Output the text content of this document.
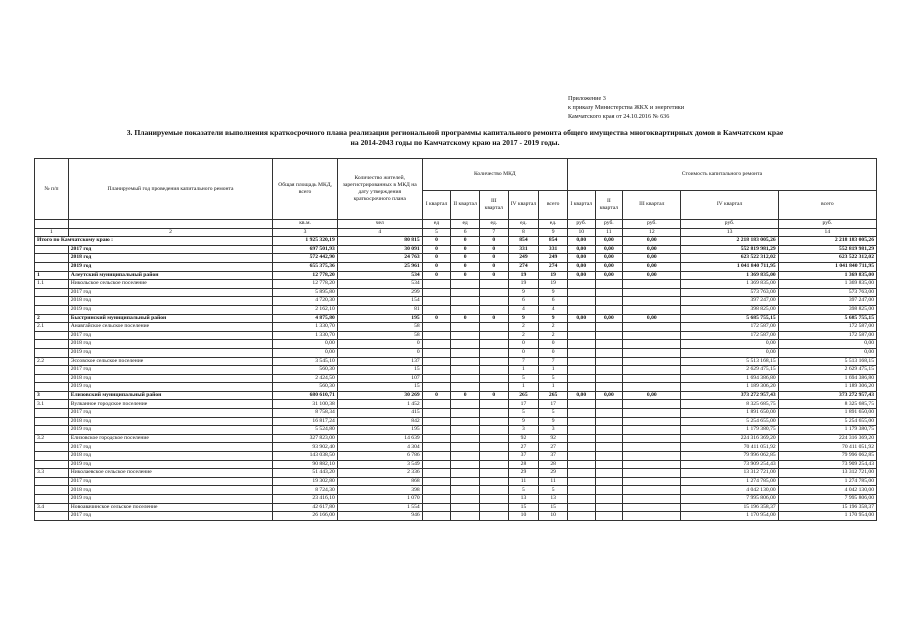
Приложение 3
к приказу Министерства ЖКХ и энергетики
Камчатского края от 24.10.2016 № 636
3. Планируемые показатели выполнения краткосрочного плана реализации региональной программы капитального ремонта общего имущества многоквартирных домов в Камчатском крае
на 2014-2043 годы по Камчатскому краю на 2017 - 2019 годы.
№ п/п	Планируемый год проведения капитального ремонта	Общая площадь МКД, всего	Количество жителей, зарегистрированных в МКД на дату утверждения краткосрочного плана	Количество МКД					Стоимость капитального ремонта				
				I квартал	II квартал	III квартал	IV квартал	всего	I квартал	II квартал	III квартал	IV квартал	всего
		кв.м.	чел	ед	ед	ед.	ед.	ед.	руб.	руб.	руб.	руб.	руб.
1	2	3	4	5	6	7	8	9	10	11	12	13	14
Итого по Камчатскому краю :		1 925 320,19	80 815	0	0	0	854	854	0,00	0,00	0,00	2 218 183 005,26	2 218 183 005,26
	2017 год	697 501,93	30 091	0	0	0	331	331	0,00	0,00	0,00	552 819 981,29	552 819 981,29
	2018 год	572 442,90	24 763	0	0	0	249	249	0,00	0,00	0,00	623 522 312,02	623 522 312,02
	2019 год	655 375,36	25 961	0	0	0	274	274	0,00	0,00	0,00	1 041 840 711,95	1 041 840 711,95
1	Алеутский муниципальный район	12 778,20	534	0	0	0	19	19	0,00	0,00	0,00	1 369 835,00	1 369 835,00
1.1	Никольское сельское поселение	12 778,20	534				19	19				1 369 835,00	1 369 835,00
	2017 год	5 895,80	299				9	9				573 763,00	573 763,00
	2018 год	4 720,30	154				6	6				397 247,00	397 247,00
	2019 год	2 162,10	81				4	4				398 825,00	398 825,00
2	Быстринский муниципальный район	4 875,80	195	0	0	0	9	9	0,00	0,00	0,00	5 685 755,15	5 685 755,15
2.1	Анавгайское сельское поселение	1 330,70	58				2	2				172 587,00	172 587,00
	2017 год	1 330,70	58				2	2				172 587,00	172 587,00
	2018 год	0,00	0				0	0				0,00	0,00
	2019 год	0,00	0				0	0				0,00	0,00
2.2	Эссовское сельское поселение	3 545,10	137				7	7				5 513 168,15	5 513 168,15
	2017 год	560,30	15				1	1				2 629 475,15	2 629 475,15
	2018 год	2 424,50	107				5	5				1 694 386,80	1 694 386,80
	2019 год	560,30	15				1	1				1 189 306,20	1 189 306,20
3	Елизовский муниципальный район	680 610,71	30 269	0	0	0	265	265	0,00	0,00	0,00	373 272 957,43	373 272 957,43
3.1	Вулканное городское поселение	31 100,38	1 452				17	17				8 325 685,75	8 325 685,75
	2017 год	8 758,34	415				5	5				1 891 650,00	1 891 650,00
	2018 год	16 817,24	842				9	9				5 254 655,00	5 254 655,00
	2019 год	5 524,80	195				3	3				1 179 380,75	1 179 380,75
3.2	Елизовское городское поселение	327 823,00	14 639				92	92				224 316 369,20	224 316 369,20
	2017 год	93 902,40	4 304				27	27				70 411 051,92	70 411 051,92
	2018 год	143 038,50	6 786				37	37				79 996 062,85	79 996 062,85
	2019 год	90 882,10	3 549				28	28				73 909 254,43	73 909 254,43
3.3	Николаевское сельское поселение	51 443,20	2 336				29	29				13 312 721,00	13 312 721,00
	2017 год	19 302,80	868				11	11				1 274 785,00	1 274 785,00
	2018 год	8 724,30	398				5	5				4 042 130,00	4 042 130,00
	2019 год	23 416,10	1 070				13	13				7 995 806,00	7 995 806,00
3.4	Новоавачинское сельское поселение	42 617,80	1 554				15	15				15 196 358,37	15 196 358,37
	2017 год	26 166,00	946				10	10				1 170 954,00	1 170 954,00
